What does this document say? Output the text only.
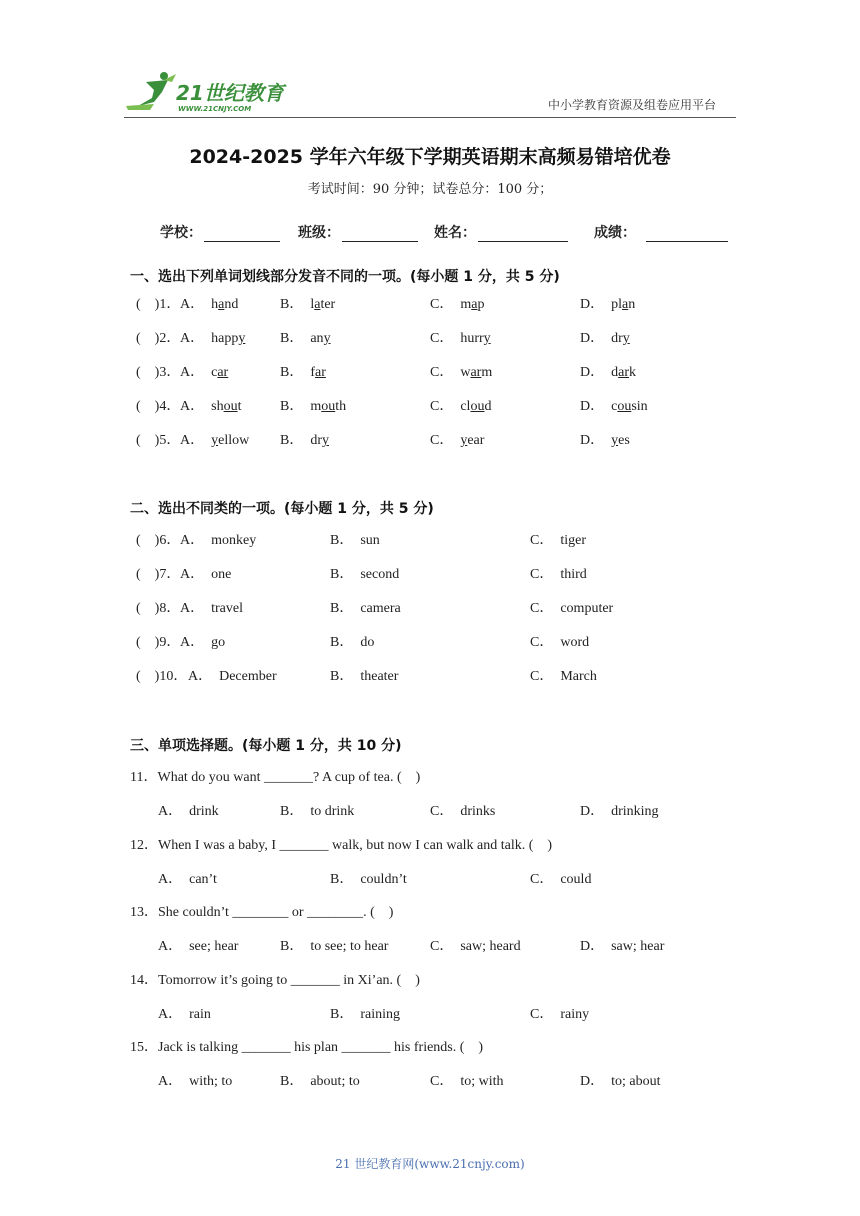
21世纪教育
WWW.21CNJY.COM	中小学教育资源及组卷应用平台
2024-2025 学年六年级下学期英语期末高频易错培优卷
考试时间：90 分钟；试卷总分：100 分；
学校：	班级：	姓名：	成绩：
一、选出下列单词划线部分发音不同的一项。(每小题 1 分，共 5 分)
( )1． A． hand	B． later	C． map	D． plan
( )2． A． happy B． any	C． hurry	D． dry
( )3． A． car	B． far	C． warm	D． dark
( )4． A． shout	B． mouth	C． cloud	D． cousin
( )5． A． yellow B． dry	C． year	D． yes
二、选出不同类的一项。(每小题 1 分，共 5 分)
( )6． A． monkey	B． sun	C． tiger
( )7． A． one	B． second	C． third
( )8． A． travel	B． camera	C． computer
( )9． A． go	B． do	C． word
( )10． A． December	B． theater	C． March
三、单项选择题。(每小题 1 分，共 10 分)
11．What do you want _______? A cup of tea. ( )
A． drink	B． to drink	C． drinks	D． drinking
12．When I was a baby, I _______ walk, but now I can walk and talk. ( )
A． can’t	B． couldn’t	C． could
13．She couldn’t ________ or ________. ( )
A． see; hear	B． to see; to hear	C． saw; heard	D． saw; hear
14．Tomorrow it’s going to _______ in Xi’an. ( )
A． rain	B． raining	C． rainy
15．Jack is talking _______ his plan _______ his friends. ( )
A． with; to	B． about; to	C． to; with	D． to; about
21 世纪教育网(www.21cnjy.com)
